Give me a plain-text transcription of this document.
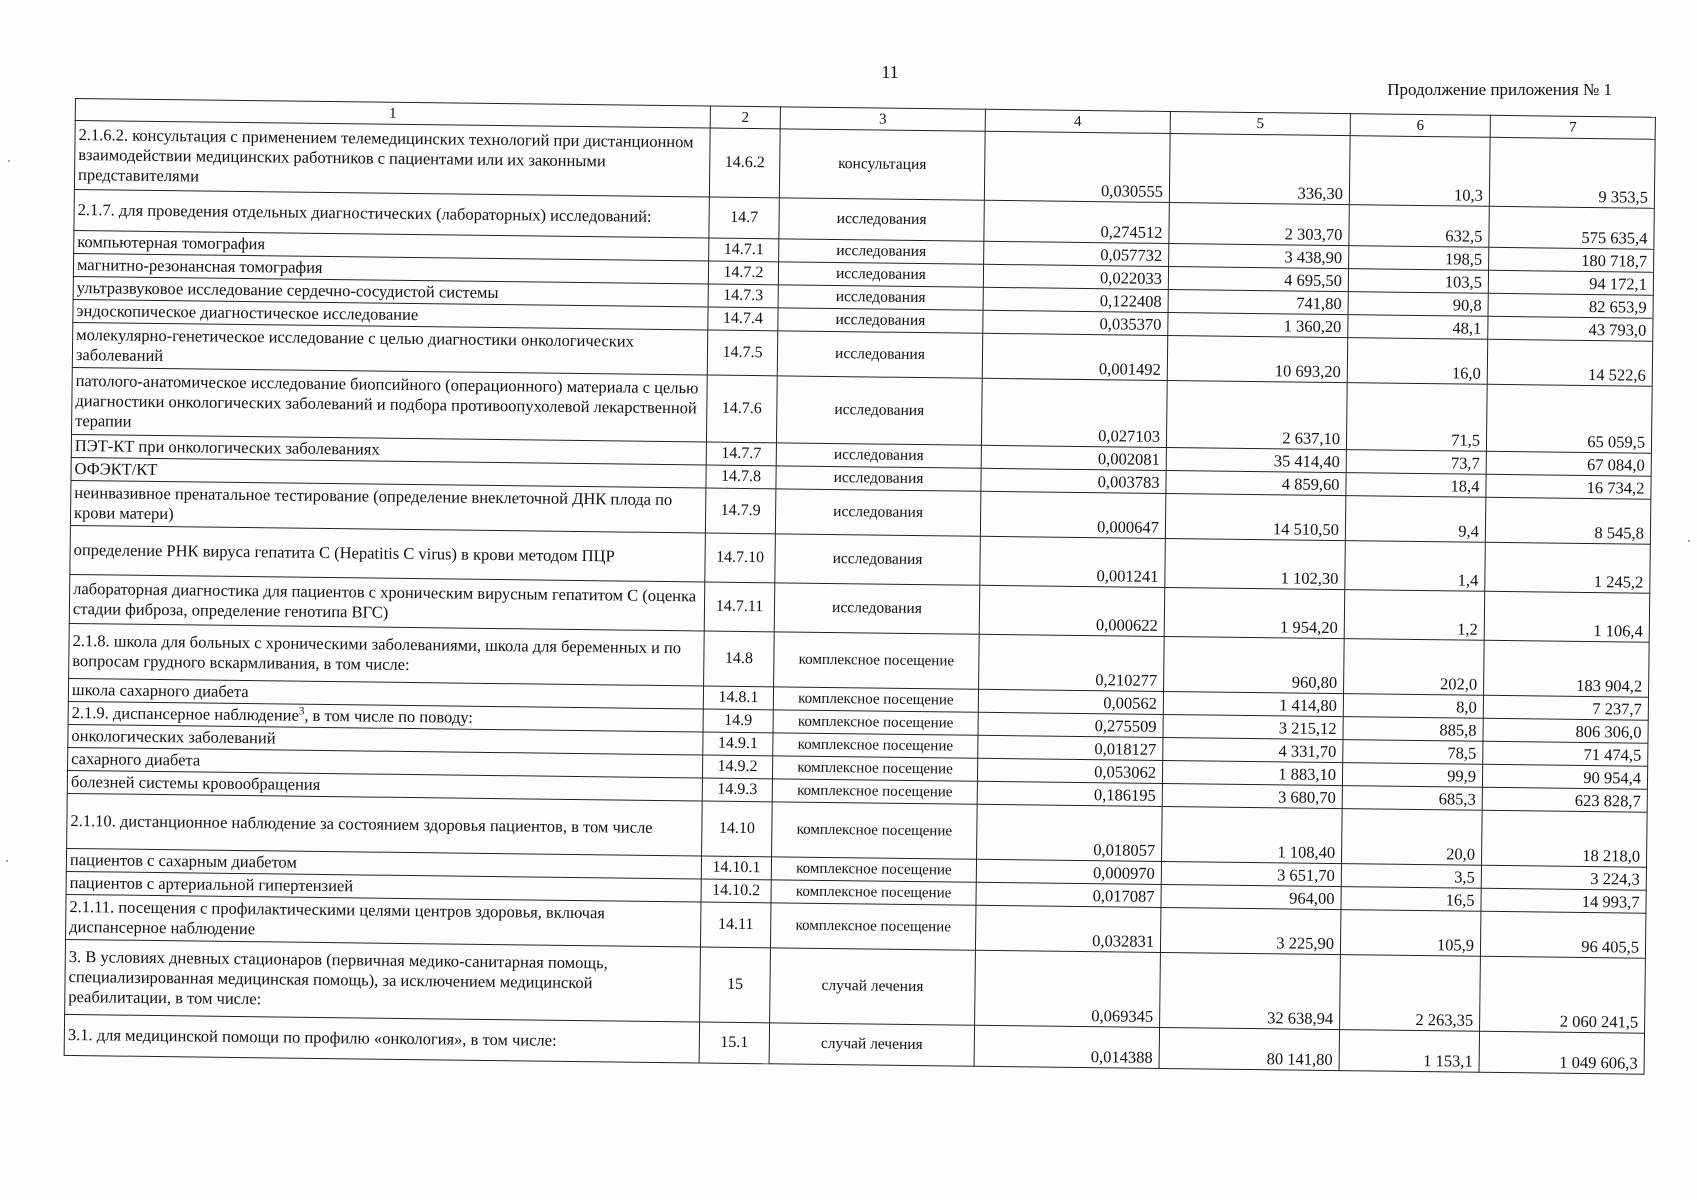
11
Продолжение приложения № 1
1	2	3	4	5	6	7
2.1.6.2. консультация с применением телемедицинских технологий при дистанционном взаимодействии медицинских работников с пациентами или их законными представителями	14.6.2	консультация	0,030555	336,30	10,3	9 353,5
2.1.7. для проведения отдельных диагностических (лабораторных) исследований:	14.7	исследования	0,274512	2 303,70	632,5	575 635,4
компьютерная томография	14.7.1	исследования	0,057732	3 438,90	198,5	180 718,7
магнитно-резонансная томография	14.7.2	исследования	0,022033	4 695,50	103,5	94 172,1
ультразвуковое исследование сердечно-сосудистой системы	14.7.3	исследования	0,122408	741,80	90,8	82 653,9
эндоскопическое диагностическое исследование	14.7.4	исследования	0,035370	1 360,20	48,1	43 793,0
молекулярно-генетическое исследование с целью диагностики онкологических заболеваний	14.7.5	исследования	0,001492	10 693,20	16,0	14 522,6
патолого-анатомическое исследование биопсийного (операционного) материала с целью диагностики онкологических заболеваний и подбора противоопухолевой лекарственной терапии	14.7.6	исследования	0,027103	2 637,10	71,5	65 059,5
ПЭТ-КТ при онкологических заболеваниях	14.7.7	исследования	0,002081	35 414,40	73,7	67 084,0
ОФЭКТ/КТ	14.7.8	исследования	0,003783	4 859,60	18,4	16 734,2
неинвазивное пренатальное тестирование (определение внеклеточной ДНК плода по крови матери)	14.7.9	исследования	0,000647	14 510,50	9,4	8 545,8
определение РНК вируса гепатита С (Hepatitis C virus) в крови методом ПЦР	14.7.10	исследования	0,001241	1 102,30	1,4	1 245,2
лабораторная диагностика для пациентов с хроническим вирусным гепатитом С (оценка стадии фиброза, определение генотипа ВГС)	14.7.11	исследования	0,000622	1 954,20	1,2	1 106,4
2.1.8. школа для больных с хроническими заболеваниями, школа для беременных и по вопросам грудного вскармливания, в том числе:	14.8	комплексное посещение	0,210277	960,80	202,0	183 904,2
школа сахарного диабета	14.8.1	комплексное посещение	0,00562	1 414,80	8,0	7 237,7
2.1.9. диспансерное наблюдение$^3$, в том числе по поводу:	14.9	комплексное посещение	0,275509	3 215,12	885,8	806 306,0
онкологических заболеваний	14.9.1	комплексное посещение	0,018127	4 331,70	78,5	71 474,5
сахарного диабета	14.9.2	комплексное посещение	0,053062	1 883,10	99,9	90 954,4
болезней системы кровообращения	14.9.3	комплексное посещение	0,186195	3 680,70	685,3	623 828,7
2.1.10. дистанционное наблюдение за состоянием здоровья пациентов, в том числе	14.10	комплексное посещение	0,018057	1 108,40	20,0	18 218,0
пациентов с сахарным диабетом	14.10.1	комплексное посещение	0,000970	3 651,70	3,5	3 224,3
пациентов с артериальной гипертензией	14.10.2	комплексное посещение	0,017087	964,00	16,5	14 993,7
2.1.11. посещения с профилактическими целями центров здоровья, включая диспансерное наблюдение	14.11	комплексное посещение	0,032831	3 225,90	105,9	96 405,5
3. В условиях дневных стационаров (первичная медико-санитарная помощь, специализированная медицинская помощь), за исключением медицинской реабилитации, в том числе:	15	случай лечения	0,069345	32 638,94	2 263,35	2 060 241,5
3.1. для медицинской помощи по профилю «онкология», в том числе:	15.1	случай лечения	0,014388	80 141,80	1 153,1	1 049 606,3
